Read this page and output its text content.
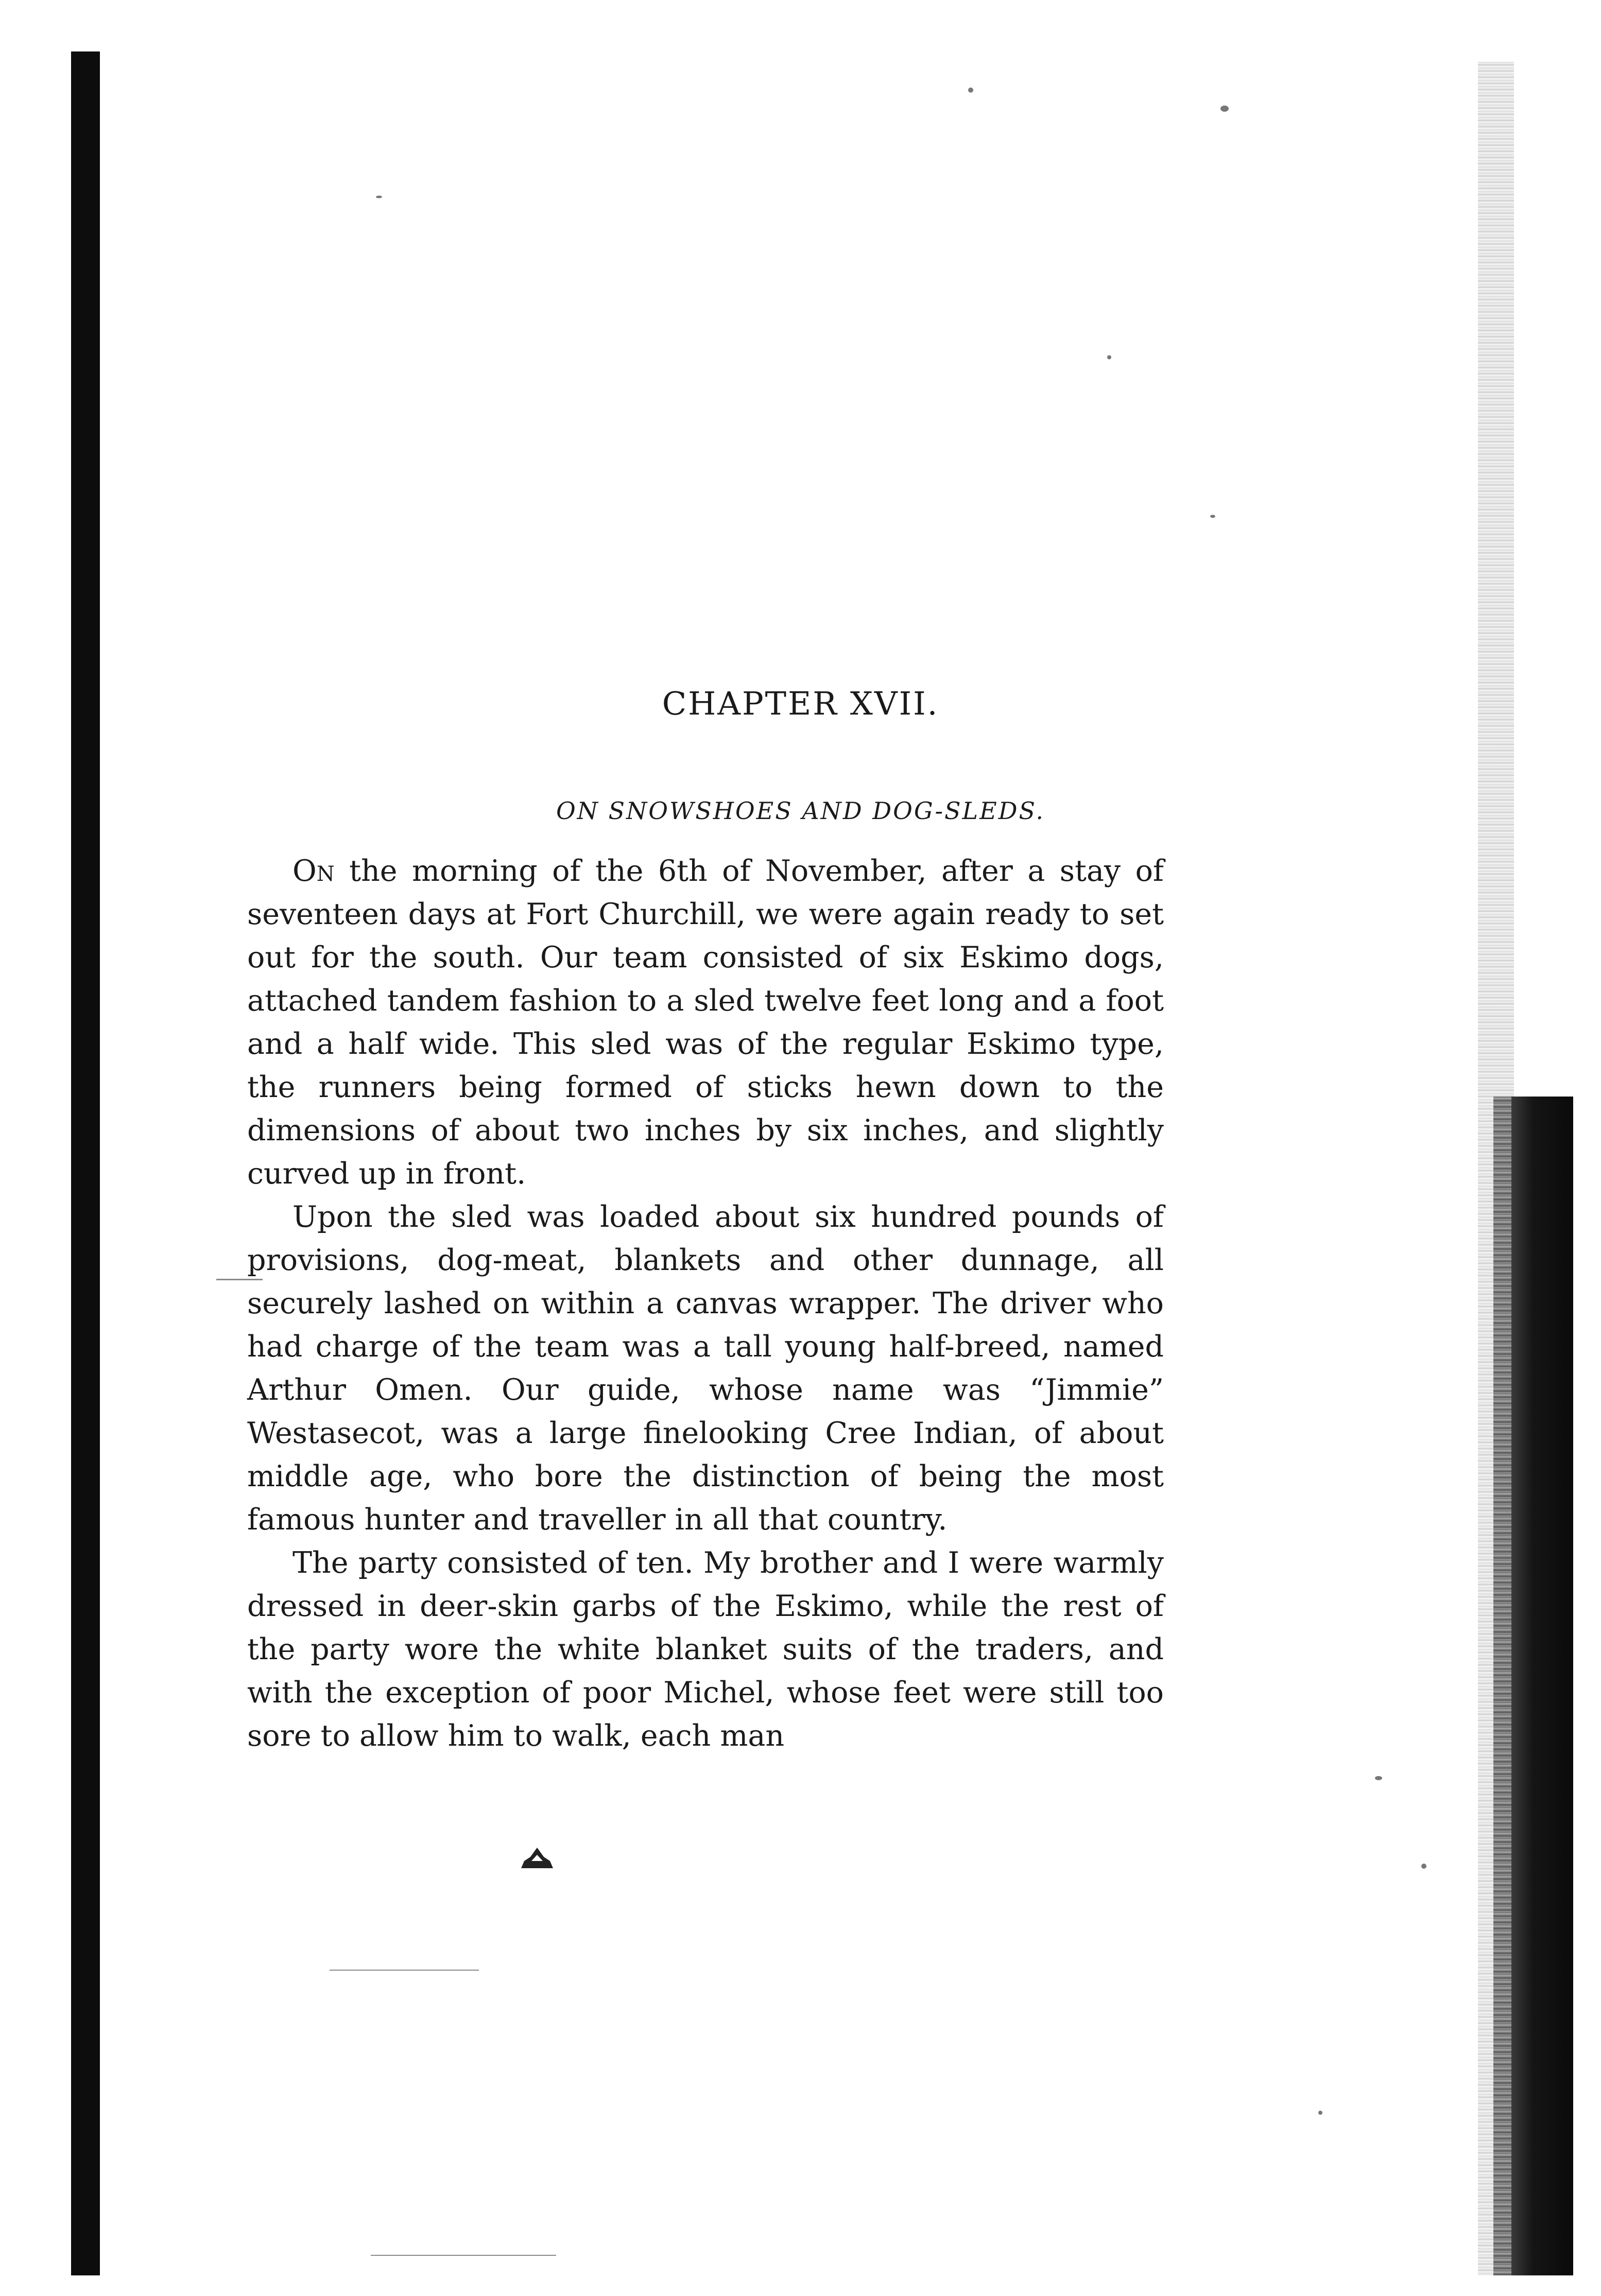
CHAPTER XVII.
ON SNOWSHOES AND DOG-SLEDS.

On the morning of the 6th of November, after a stay of seventeen days at Fort Churchill, we were again ready to set out for the south. Our team consisted of six Eskimo dogs, attached tandem fashion to a sled twelve feet long and a foot and a half wide. This sled was of the regular Eskimo type, the runners being formed of sticks hewn down to the dimensions of about two inches by six inches, and slightly curved up in front.

Upon the sled was loaded about six hundred pounds of provisions, dog-meat, blankets and other dunnage, all securely lashed on within a canvas wrapper. The driver who had charge of the team was a tall young half-breed, named Arthur Omen. Our guide, whose name was “Jimmie” Westasecot, was a large finelooking Cree Indian, of about middle age, who bore the distinction of being the most famous hunter and traveller in all that country.

The party consisted of ten. My brother and I were warmly dressed in deer-skin garbs of the Eskimo, while the rest of the party wore the white blanket suits of the traders, and with the exception of poor Michel, whose feet were still too sore to allow him to walk, each man
